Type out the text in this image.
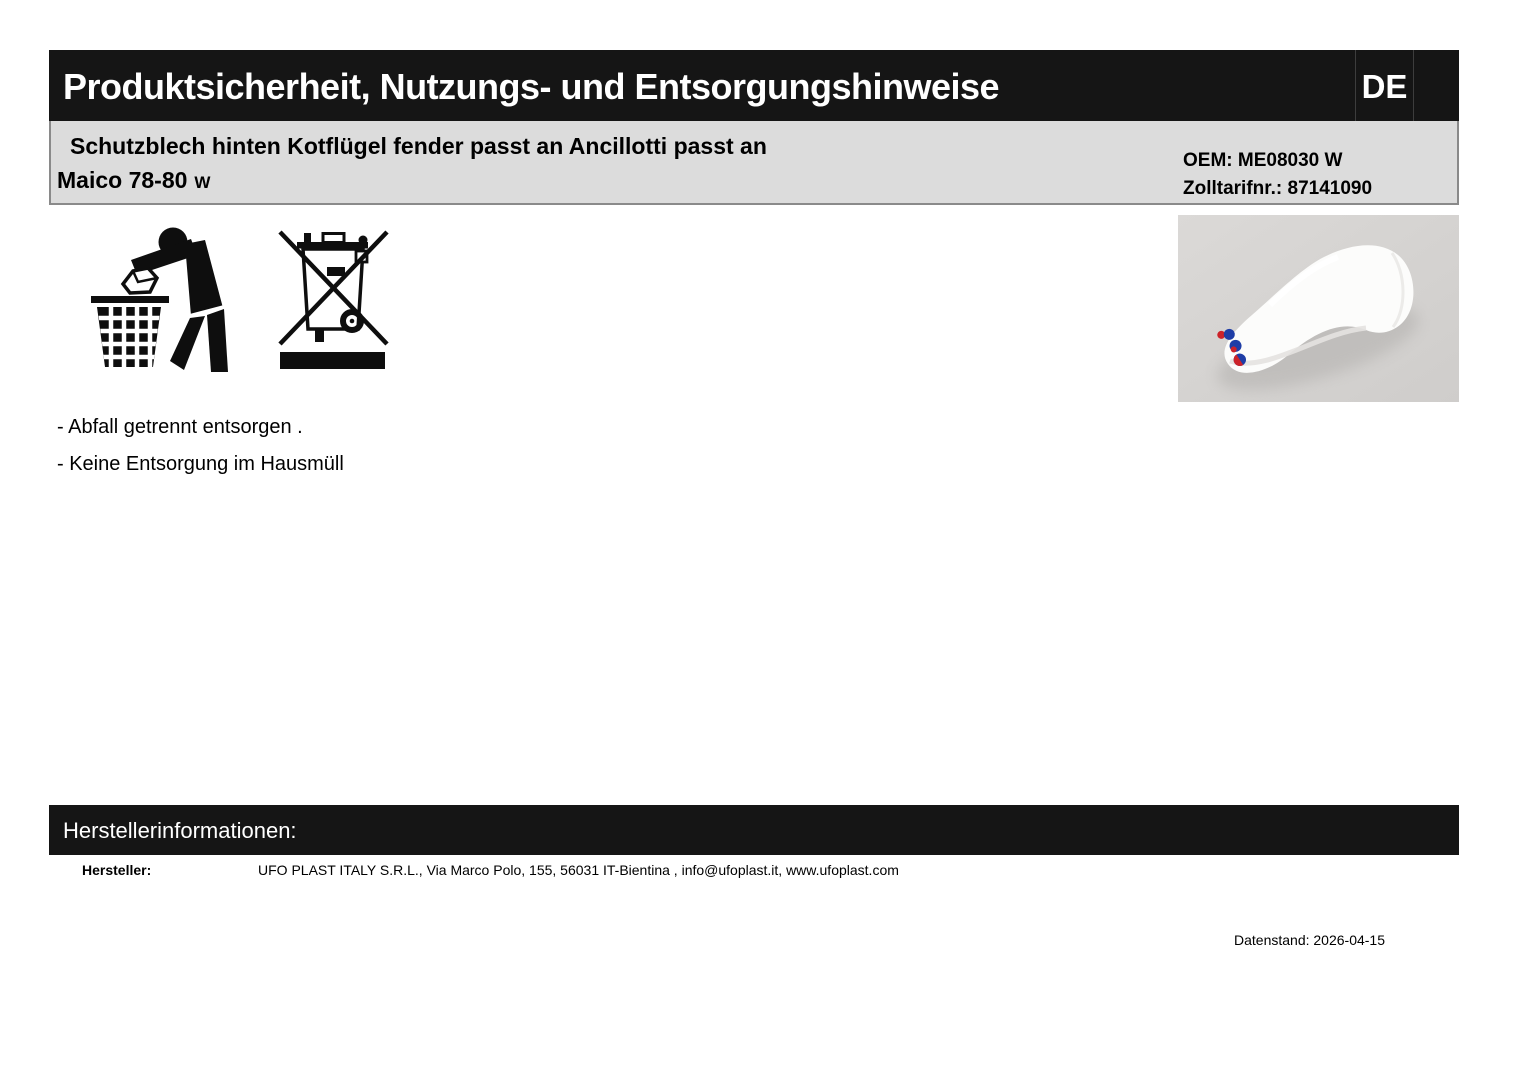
Produktsicherheit, Nutzungs- und Entsorgungshinweise	DE
Schutzblech hinten Kotflügel fender passt an Ancillotti passt an
Maico 78-80 W
OEM: ME08030 W
Zolltarifnr.: 87141090
- Abfall getrennt entsorgen .
- Keine Entsorgung im Hausmüll
Herstellerinformationen:
Hersteller:	UFO PLAST ITALY S.R.L., Via Marco Polo, 155, 56031 IT-Bientina , info@ufoplast.it, www.ufoplast.com
Datenstand: 2026-04-15
